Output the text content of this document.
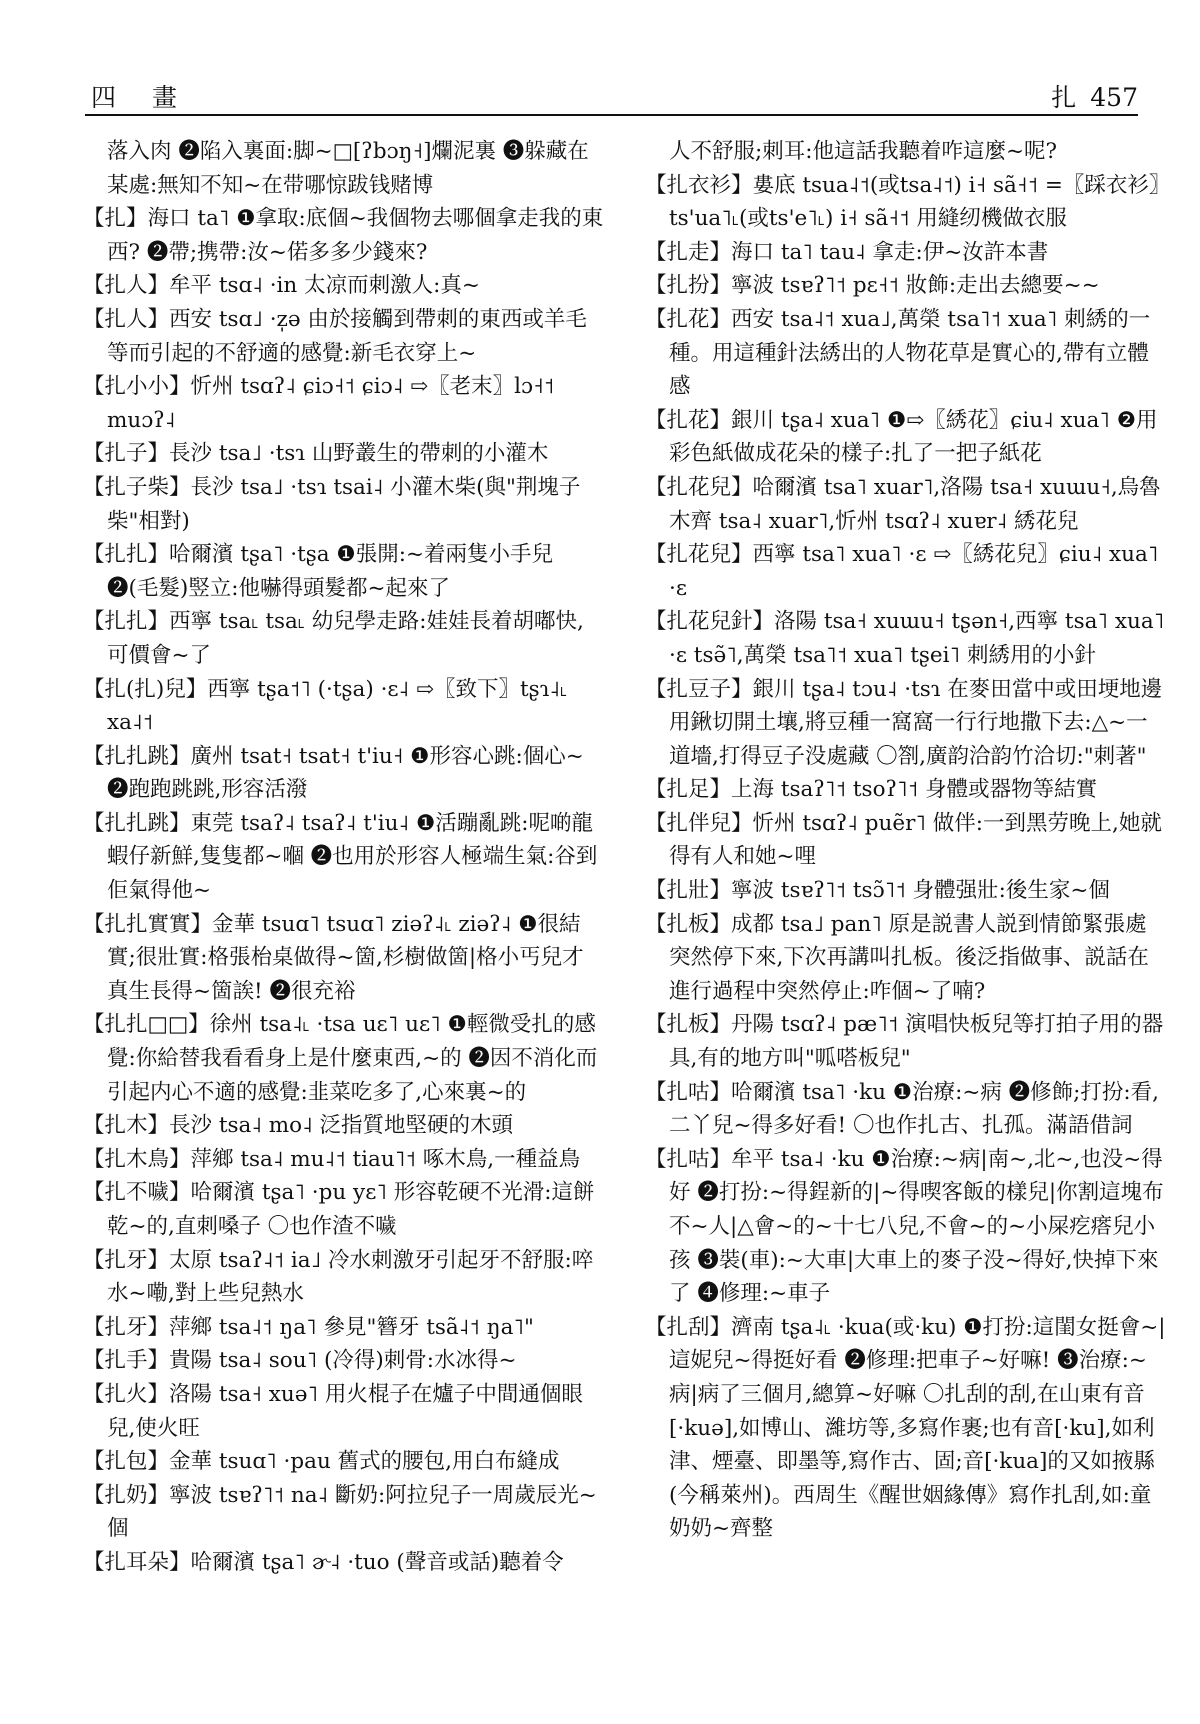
四 畫	扎 457

落入肉 ❷陷入裏面:脚~□[ʔbɔŋ˧]爛泥裏 ❸躲藏在某處:無知不知~在带哪惊跋钱赌博

【扎】海口 ta˥ ❶拿取:底個~我個物去哪個拿走我的東西? ❷帶;携帶:汝~偌多多少錢來?

【扎人】牟平 tsɑ˨ ·in 太凉而刺激人:真~

【扎人】西安 tsɑ˩ ·z̩ə 由於接觸到帶刺的東西或羊毛等而引起的不舒適的感覺:新毛衣穿上~

【扎小小】忻州 tsɑʔ˨ ɕiɔ˧˦ ɕiɔ˨ ⇨〖老末〗lɔ˧˦ muɔʔ˨

【扎子】長沙 tsa˩ ·tsɿ 山野叢生的帶刺的小灌木

【扎子柴】長沙 tsa˩ ·tsɿ tsai˨ 小灌木柴(與"荆塊子柴"相對)

【扎扎】哈爾濱 tʂa˥ ·tʂa ❶張開:~着兩隻小手兒 ❷(毛髮)竪立:他嚇得頭髮都~起來了

【扎扎】西寧 tsa˪ tsa˪ 幼兒學走路:娃娃長着胡嘟快,可價會~了

【扎(扎)兒】西寧 tʂa˦˥ (·tʂa) ·ɛ˨ ⇨〖致下〗tʂɿ˨˪ xa˨˦

【扎扎跳】廣州 tsat˧ tsat˧ t'iu˧ ❶形容心跳:個心~ ❷跑跑跳跳,形容活潑

【扎扎跳】東莞 tsaʔ˨ tsaʔ˨ t'iu˨ ❶活蹦亂跳:呢啲龍蝦仔新鮮,隻隻都~嗰 ❷也用於形容人極端生氣:谷到佢氣得他~

【扎扎實實】金華 tsuɑ˥ tsuɑ˥ ziəʔ˨˪ ziəʔ˨ ❶很結實;很壯實:格張枱桌做得~箇,杉樹做箇|格小丐兒才真生長得~箇誒! ❷很充裕

【扎扎□□】徐州 tsa˨˪ ·tsa uɛ˥ uɛ˥ ❶輕微受扎的感覺:你給替我看看身上是什麼東西,~的 ❷因不消化而引起内心不適的感覺:韭菜吃多了,心來裏~的

【扎木】長沙 tsa˨ mo˨ 泛指質地堅硬的木頭

【扎木鳥】萍鄉 tsa˨ mu˨˦ tiau˥˦ 啄木鳥,一種益鳥

【扎不噦】哈爾濱 tʂa˥ ·pu yɛ˥ 形容乾硬不光滑:這餅乾~的,直刺嗓子 〇也作渣不噦

【扎牙】太原 tsaʔ˨˦ ia˩ 冷水刺激牙引起牙不舒服:啐水~嘞,對上些兒熱水

【扎牙】萍鄉 tsa˨˦ ŋa˥ 參見"簪牙 tsã˨˦ ŋa˥"

【扎手】貴陽 tsa˨ sou˥ (冷得)刺骨:水冰得~

【扎火】洛陽 tsa˧ xuə˥ 用火棍子在爐子中間通個眼兒,使火旺

【扎包】金華 tsuɑ˥ ·pau 舊式的腰包,用白布縫成

【扎奶】寧波 tsɐʔ˥˦ na˨ 斷奶:阿拉兒子一周歲辰光~個

【扎耳朵】哈爾濱 tʂa˥ ɚ˨ ·tuo (聲音或話)聽着令

人不舒服;刺耳:他這話我聽着咋這麼~呢?

【扎衣衫】婁底 tsua˨˦(或tsa˨˦) i˧ sã˧˦ =〖踩衣衫〗ts'ua˥˪(或ts'e˥˪) i˧ sã˧˦ 用縫纫機做衣服

【扎走】海口 ta˥ tau˨ 拿走:伊~汝許本書

【扎扮】寧波 tsɐʔ˥˦ pɛ˧˦ 妝飾:走出去總要~~

【扎花】西安 tsa˨˦ xua˩,萬榮 tsa˥˦ xua˥ 刺綉的一種。用這種針法綉出的人物花草是實心的,帶有立體感

【扎花】銀川 tʂa˨ xua˥ ❶⇨〖綉花〗ɕiu˨ xua˥ ❷用彩色紙做成花朵的樣子:扎了一把子紙花

【扎花兒】哈爾濱 tsa˥ xuar˥,洛陽 tsa˧ xuɯu˧,烏魯木齊 tsa˨ xuar˥,忻州 tsɑʔ˨ xuɐr˨ 綉花兒

【扎花兒】西寧 tsa˥ xua˥ ·ɛ ⇨〖綉花兒〗ɕiu˨ xua˥ ·ɛ

【扎花兒針】洛陽 tsa˧ xuɯu˧ tʂən˧,西寧 tsa˥ xua˥ ·ɛ tsə̃˥,萬榮 tsa˥˦ xua˥ tʂei˥ 刺綉用的小針

【扎豆子】銀川 tʂa˨ tɔu˨ ·tsɿ 在麥田當中或田埂地邊用鍬切開土壤,將豆種一窩窩一行行地撒下去:△~一道墻,打得豆子没處藏 〇劄,廣韵洽韵竹洽切:"刺著"

【扎足】上海 tsaʔ˥˦ tsoʔ˥˦ 身體或器物等結實

【扎伴兒】忻州 tsɑʔ˨ puẽr˥ 做伴:一到黑劳晚上,她就得有人和她~哩

【扎壯】寧波 tsɐʔ˥˦ tsɔ̃˥˦ 身體强壯:後生家~個

【扎板】成都 tsa˩ pan˥ 原是説書人説到情節緊張處突然停下來,下次再講叫扎板。後泛指做事、説話在進行過程中突然停止:咋個~了喃?

【扎板】丹陽 tsɑʔ˨ pæ˥˦ 演唱快板兒等打拍子用的器具,有的地方叫"呱嗒板兒"

【扎咕】哈爾濱 tsa˥ ·ku ❶治療:~病 ❷修飾;打扮:看,二丫兒~得多好看! 〇也作扎古、扎孤。滿語借詞

【扎咕】牟平 tsa˨ ·ku ❶治療:~病|南~,北~,也没~得好 ❷打扮:~得鋥新的|~得喫客飯的樣兒|你割這塊布不~人|△會~的~十七八兒,不會~的~小屎疙瘩兒小孩 ❸裝(車):~大車|大車上的麥子没~得好,快掉下來了 ❹修理:~車子

【扎刮】濟南 tʂa˨˪ ·kua(或·ku) ❶打扮:這閨女挺會~|這妮兒~得挺好看 ❷修理:把車子~好嘛! ❸治療:~病|病了三個月,總算~好嘛 〇扎刮的刮,在山東有音[·kuə],如博山、濰坊等,多寫作裹;也有音[·ku],如利津、煙臺、即墨等,寫作古、固;音[·kua]的又如掖縣(今稱萊州)。西周生《醒世姻緣傳》寫作扎刮,如:童奶奶~齊整
